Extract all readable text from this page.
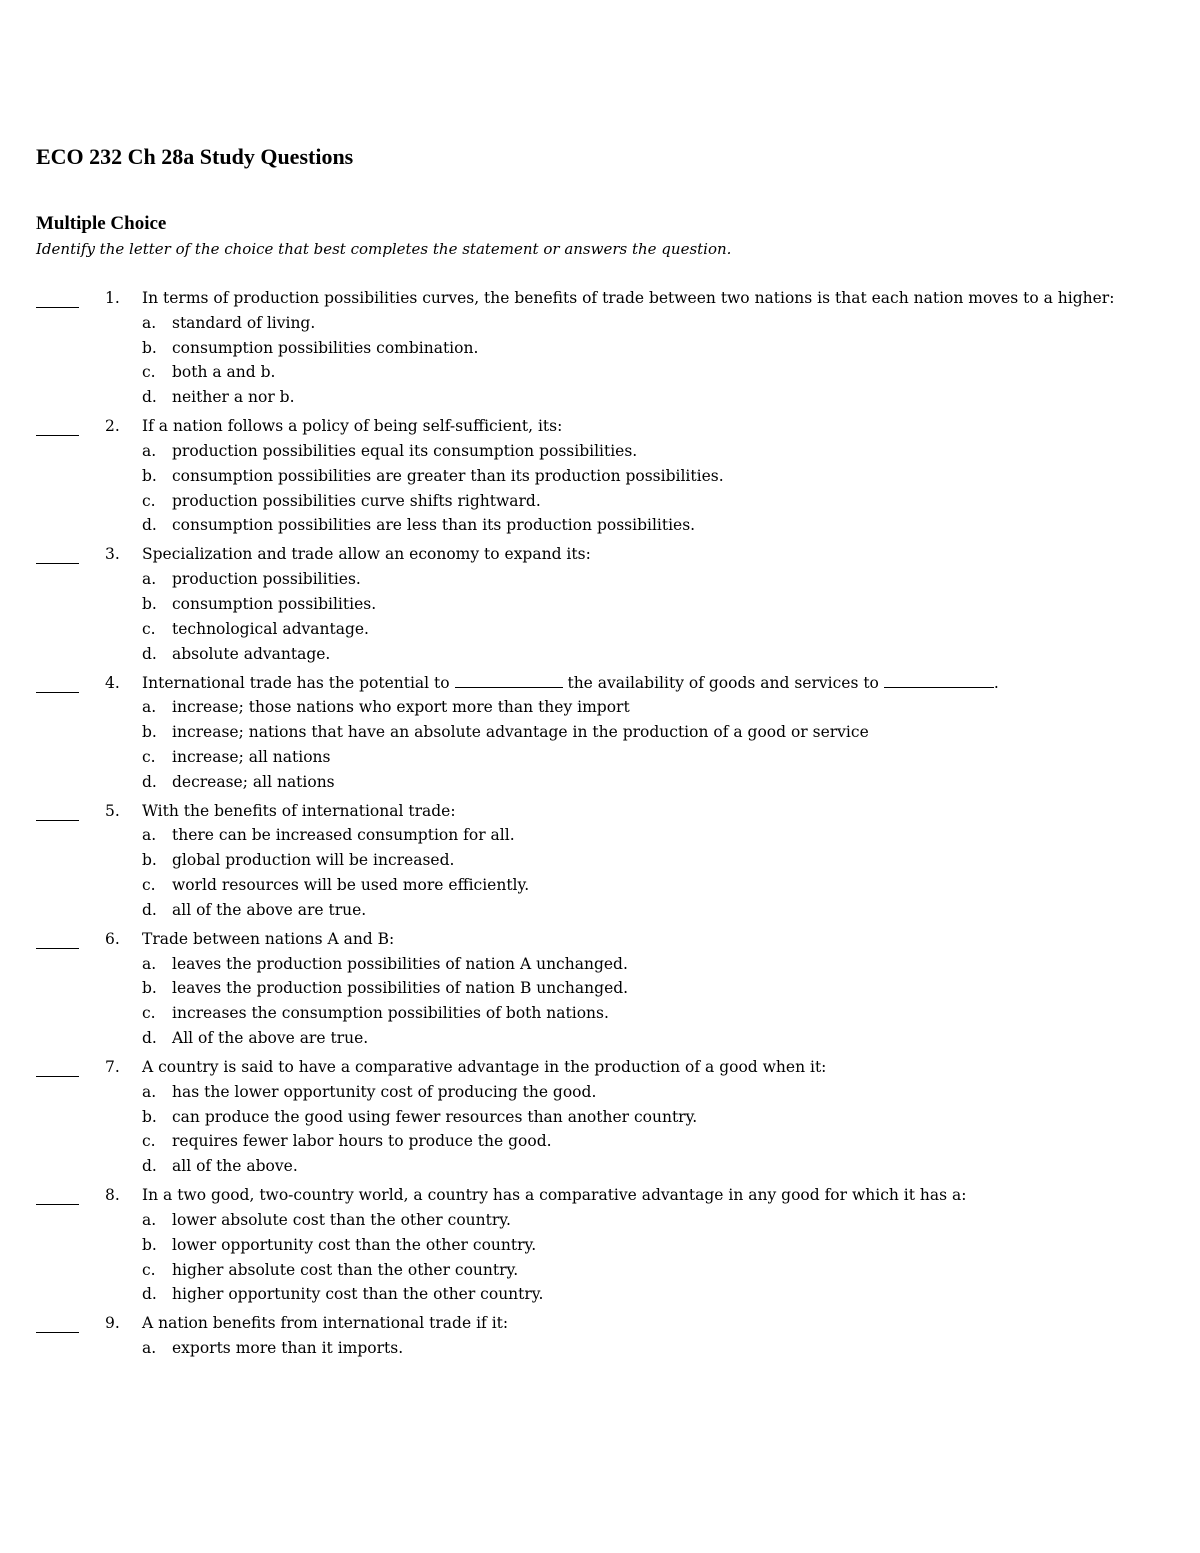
ECO 232 Ch 28a Study Questions
Multiple Choice
Identify the letter of the choice that best completes the statement or answers the question.
1. In terms of production possibilities curves, the benefits of trade between two nations is that each nation moves to a higher:

a. standard of living.
b. consumption possibilities combination.
c. both a and b.
d. neither a nor b.
2. If a nation follows a policy of being self-sufficient, its:

a. production possibilities equal its consumption possibilities.
b. consumption possibilities are greater than its production possibilities.
c. production possibilities curve shifts rightward.
d. consumption possibilities are less than its production possibilities.
3. Specialization and trade allow an economy to expand its:

a. production possibilities.
b. consumption possibilities.
c. technological advantage.
d. absolute advantage.
4. International trade has the potential to	the availability of goods and services to	.

a. increase; those nations who export more than they import
b. increase; nations that have an absolute advantage in the production of a good or service
c. increase; all nations
d. decrease; all nations
5. With the benefits of international trade:

a. there can be increased consumption for all.
b. global production will be increased.
c. world resources will be used more efficiently.
d. all of the above are true.
6. Trade between nations A and B:

a. leaves the production possibilities of nation A unchanged.
b. leaves the production possibilities of nation B unchanged.
c. increases the consumption possibilities of both nations.
d. All of the above are true.
7. A country is said to have a comparative advantage in the production of a good when it:

a. has the lower opportunity cost of producing the good.
b. can produce the good using fewer resources than another country.
c. requires fewer labor hours to produce the good.
d. all of the above.
8. In a two good, two-country world, a country has a comparative advantage in any good for which it has a:

a. lower absolute cost than the other country.
b. lower opportunity cost than the other country.
c. higher absolute cost than the other country.
d. higher opportunity cost than the other country.
9. A nation benefits from international trade if it:

a. exports more than it imports.
